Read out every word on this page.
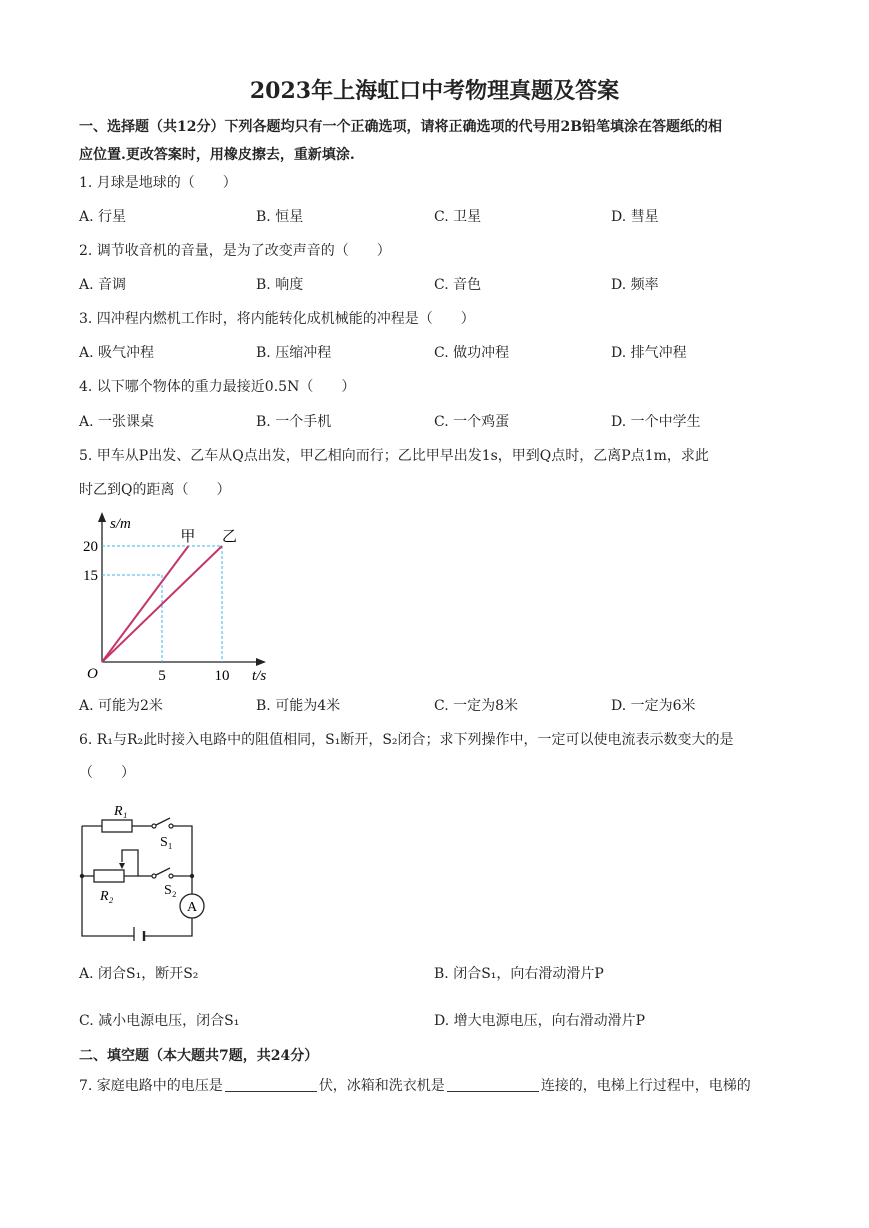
2023年上海虹口中考物理真题及答案
一、选择题（共12分）下列各题均只有一个正确选项，请将正确选项的代号用2B铅笔填涂在答题纸的相
应位置.更改答案时，用橡皮擦去，重新填涂.
1. 月球是地球的（　　）
A. 行星	B. 恒星	C. 卫星	D. 彗星
2. 调节收音机的音量，是为了改变声音的（　　）
A. 音调	B. 响度	C. 音色	D. 频率
3. 四冲程内燃机工作时，将内能转化成机械能的冲程是（　　）
A. 吸气冲程	B. 压缩冲程	C. 做功冲程	D. 排气冲程
4. 以下哪个物体的重力最接近0.5N（　　）
A. 一张课桌	B. 一个手机	C. 一个鸡蛋	D. 一个中学生
5. 甲车从P出发、乙车从Q点出发，甲乙相向而行；乙比甲早出发1s，甲到Q点时，乙离P点1m，求此
时乙到Q的距离（　　）
s/m
t/s
O	5	10
15
20
甲 乙
A. 可能为2米	B. 可能为4米	C. 一定为8米	D. 一定为6米
6. R₁与R₂此时接入电路中的阻值相同，S₁断开，S₂闭合；求下列操作中，一定可以使电流表示数变大的是
（　　）
A
R₁
S₁
R₂	S₂
A. 闭合S₁，断开S₂	B. 闭合S₁，向右滑动滑片P
C. 减小电源电压，闭合S₁	D. 增大电源电压，向右滑动滑片P
二、填空题（本大题共7题，共24分）
7. 家庭电路中的电压是	伏，冰箱和洗衣机是	连接的，电梯上行过程中，电梯的
